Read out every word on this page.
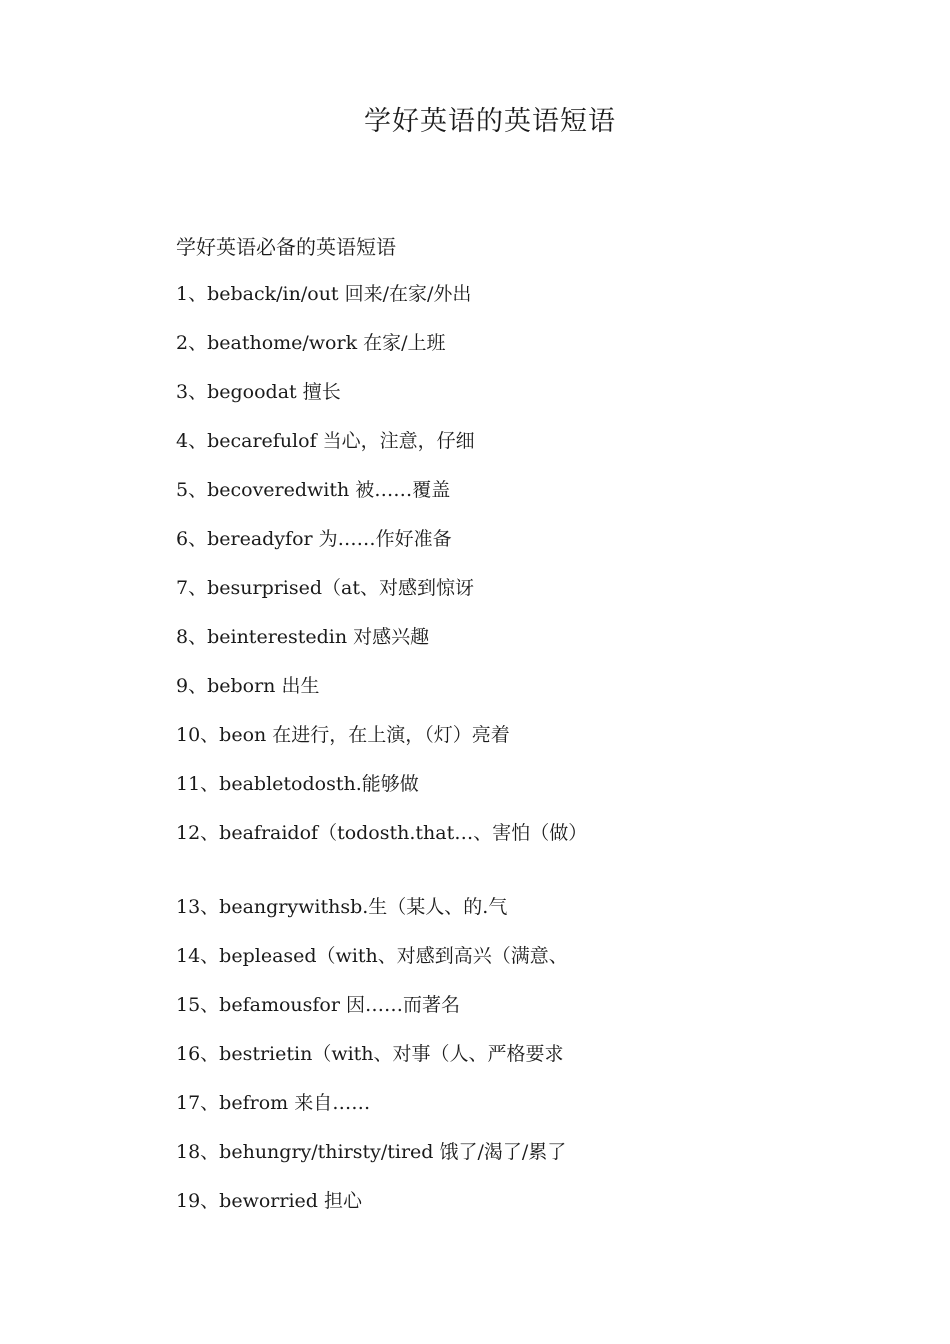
学好英语的英语短语
学好英语必备的英语短语
1、beback/in/out 回来/在家/外出
2、beathome/work 在家/上班
3、begoodat 擅长
4、becarefulof 当心，注意，仔细
5、becoveredwith 被……覆盖
6、bereadyfor 为……作好准备
7、besurprised（at、对感到惊讶
8、beinterestedin 对感兴趣
9、beborn 出生
10、beon 在进行，在上演，（灯）亮着
11、beabletodosth.能够做
12、beafraidof（todosth.that…、害怕（做）
13、beangrywithsb.生（某人、的.气
14、bepleased（with、对感到高兴（满意、
15、befamousfor 因……而著名
16、bestrietin（with、对事（人、严格要求
17、befrom 来自……
18、behungry/thirsty/tired 饿了/渴了/累了
19、beworried 担心
